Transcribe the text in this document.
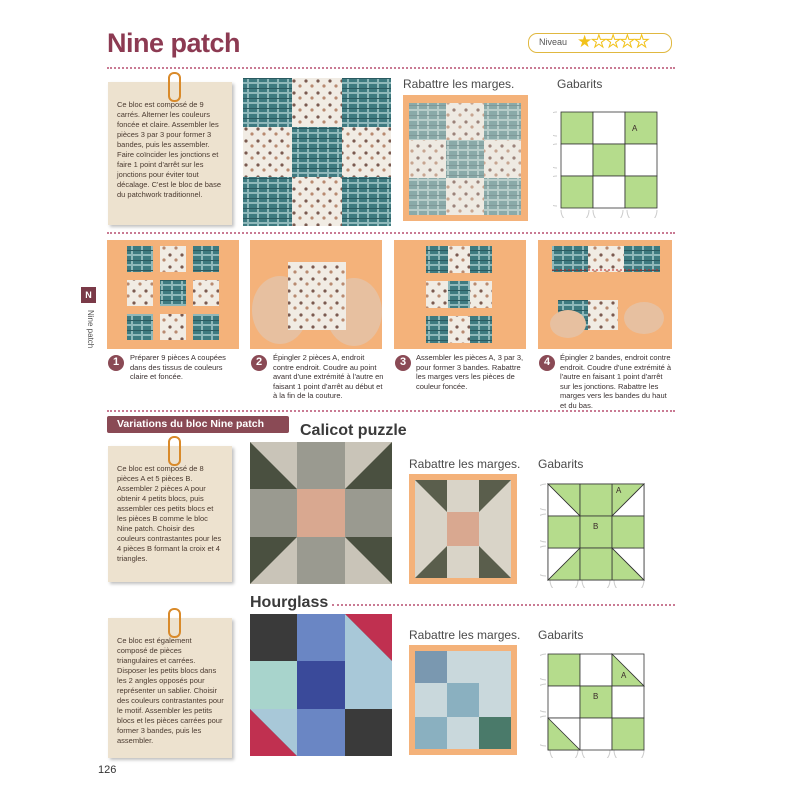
Nine patch	Niveau ★★★★★
N
Nine patch
Ce bloc est composé de 9 carrés. Alterner les couleurs foncée et claire. Assembler les pièces 3 par 3 pour former 3 bandes, puis les assembler. Faire coïncider les jonctions et faire 1 point d'arrêt sur les jonctions pour éviter tout décalage. C'est le bloc de base du patchwork traditionnel.
Rabattre les marges.	Gabarits
A
1	Préparer 9 pièces A coupées dans des tissus de couleurs claire et foncée.
2	Épingler 2 pièces A, endroit contre endroit. Coudre au point avant d'une extrémité à l'autre en faisant 1 point d'arrêt au début et à la fin de la couture.
3	Assembler les pièces A, 3 par 3, pour former 3 bandes. Rabattre les marges vers les pièces de couleur foncée.
4	Épingler 2 bandes, endroit contre endroit. Coudre d'une extrémité à l'autre en faisant 1 point d'arrêt sur les jonctions. Rabattre les marges vers les bandes du haut et du bas.
Variations du bloc Nine patch	Calicot puzzle
Ce bloc est composé de 8 pièces A et 5 pièces B. Assembler 2 pièces A pour obtenir 4 petits blocs, puis assembler ces petits blocs et les pièces B comme le bloc Nine patch. Choisir des couleurs contrastantes pour les 4 pièces B formant la croix et 4 triangles.
Rabattre les marges. Gabarits
A
B
Hourglass
Ce bloc est également composé de pièces triangulaires et carrées. Disposer les petits blocs dans les 2 angles opposés pour représenter un sablier. Choisir des couleurs contrastantes pour le motif. Assembler les petits blocs et les pièces carrées pour former 3 bandes, puis les assembler.
Rabattre les marges. Gabarits
A
B
126
